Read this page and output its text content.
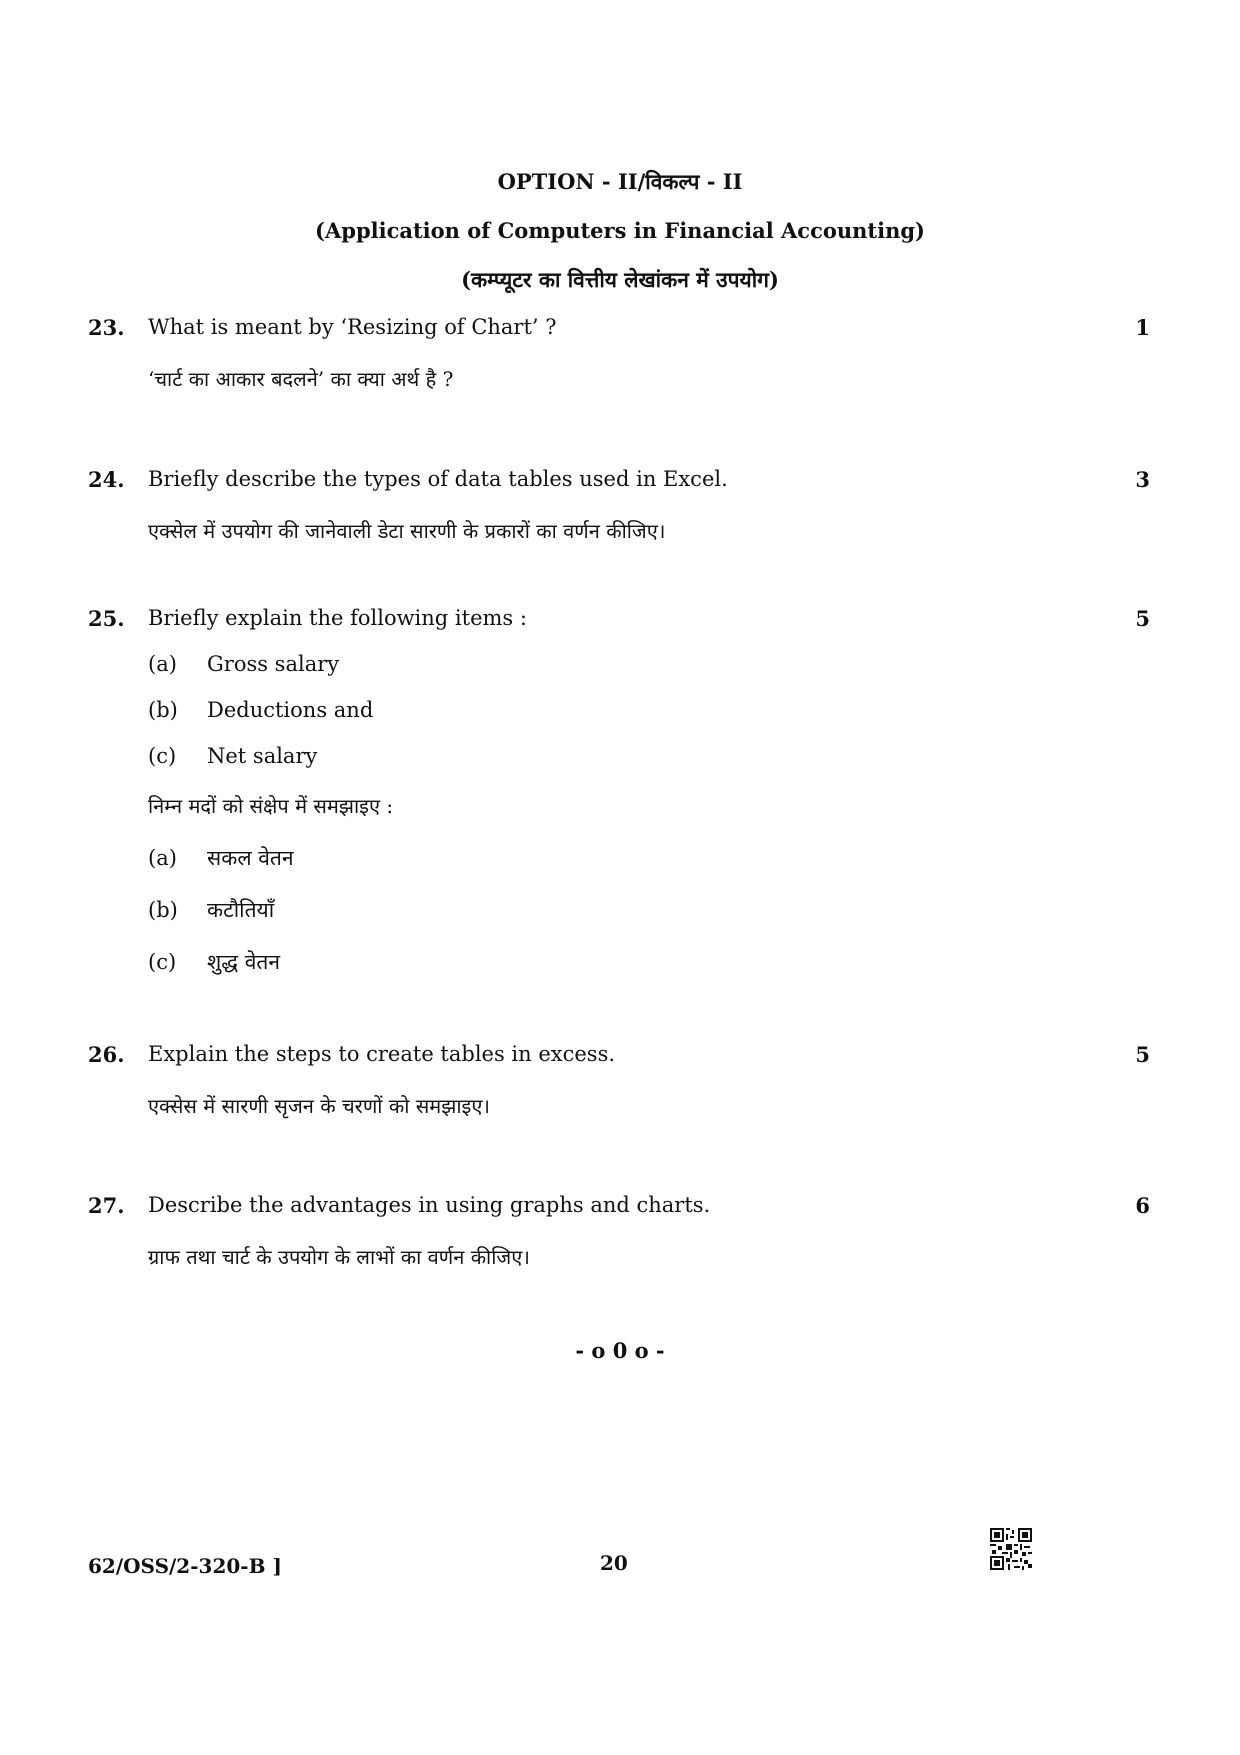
OPTION - II/विकल्प - II
(Application of Computers in Financial Accounting)
(कम्प्यूटर का वित्तीय लेखांकन में उपयोग)
23. What is meant by ‘Resizing of Chart’ ?	1
‘चार्ट का आकार बदलने’ का क्या अर्थ है ?
24. Briefly describe the types of data tables used in Excel.	3
एक्सेल में उपयोग की जानेवाली डेटा सारणी के प्रकारों का वर्णन कीजिए।
25. Briefly explain the following items :	5
(a) Gross salary
(b) Deductions and
(c) Net salary
निम्न मदों को संक्षेप में समझाइए :
(a) सकल वेतन
(b) कटौतियाँ
(c) शुद्ध वेतन
26. Explain the steps to create tables in excess.	5
एक्सेस में सारणी सृजन के चरणों को समझाइए।
27. Describe the advantages in using graphs and charts.	6
ग्राफ तथा चार्ट के उपयोग के लाभों का वर्णन कीजिए।
- o 0 o -
62/OSS/2-320-B ]	20
